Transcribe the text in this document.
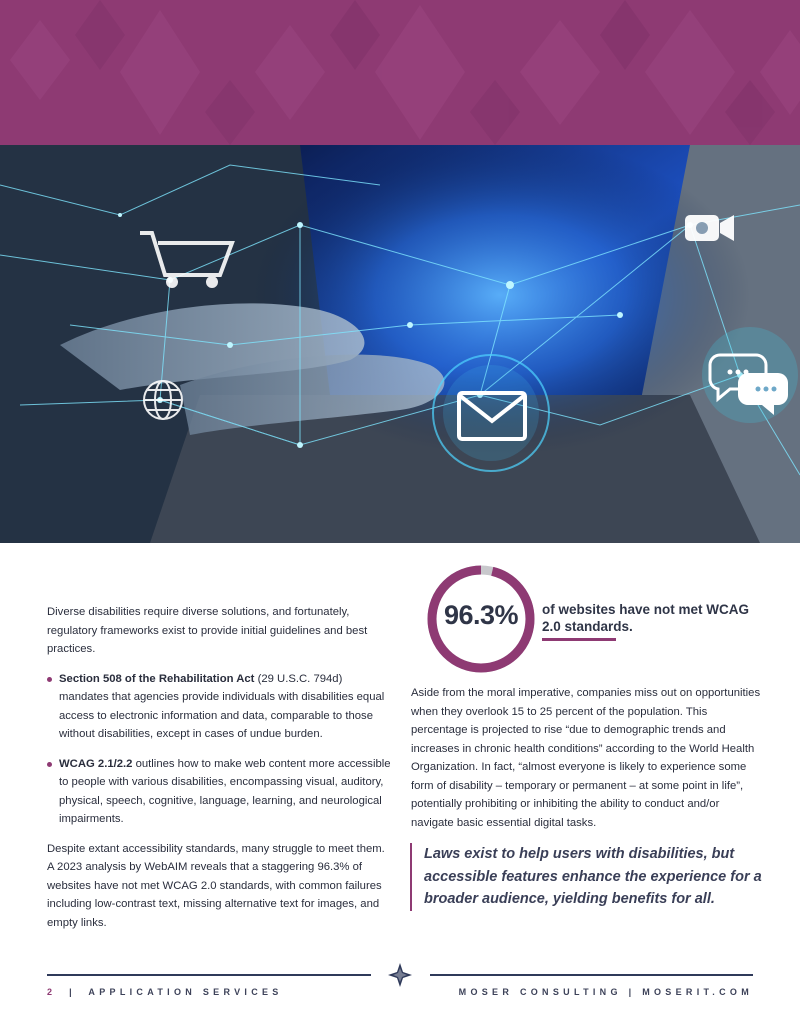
Diverse disabilities require diverse solutions, and fortunately, regulatory frameworks exist to provide initial guidelines and best practices.

Section 508 of the Rehabilitation Act (29 U.S.C. 794d) mandates that agencies provide individuals with disabilities equal access to electronic information and data, comparable to those without disabilities, except in cases of undue burden.
WCAG 2.1/2.2 outlines how to make web content more accessible to people with various disabilities, encompassing visual, auditory, physical, speech, cognitive, language, learning, and neurological impairments.

Despite extant accessibility standards, many struggle to meet them. A 2023 analysis by WebAIM reveals that a staggering 96.3% of websites have not met WCAG 2.0 standards, with common failures including low-contrast text, missing alternative text for images, and empty links.

96.3%	of websites have not met WCAG 2.0 standards.

Aside from the moral imperative, companies miss out on opportunities when they overlook 15 to 25 percent of the population. This percentage is projected to rise “due to demographic trends and increases in chronic health conditions” according to the World Health Organization. In fact, “almost everyone is likely to experience some form of disability – temporary or permanent – at some point in life”, potentially prohibiting or inhibiting the ability to conduct and/or navigate basic essential digital tasks.

Laws exist to help users with disabilities, but accessible features enhance the experience for a broader audience, yielding benefits for all.
2 | APPLICATION SERVICES	MOSER CONSULTING | MOSERIT.COM
